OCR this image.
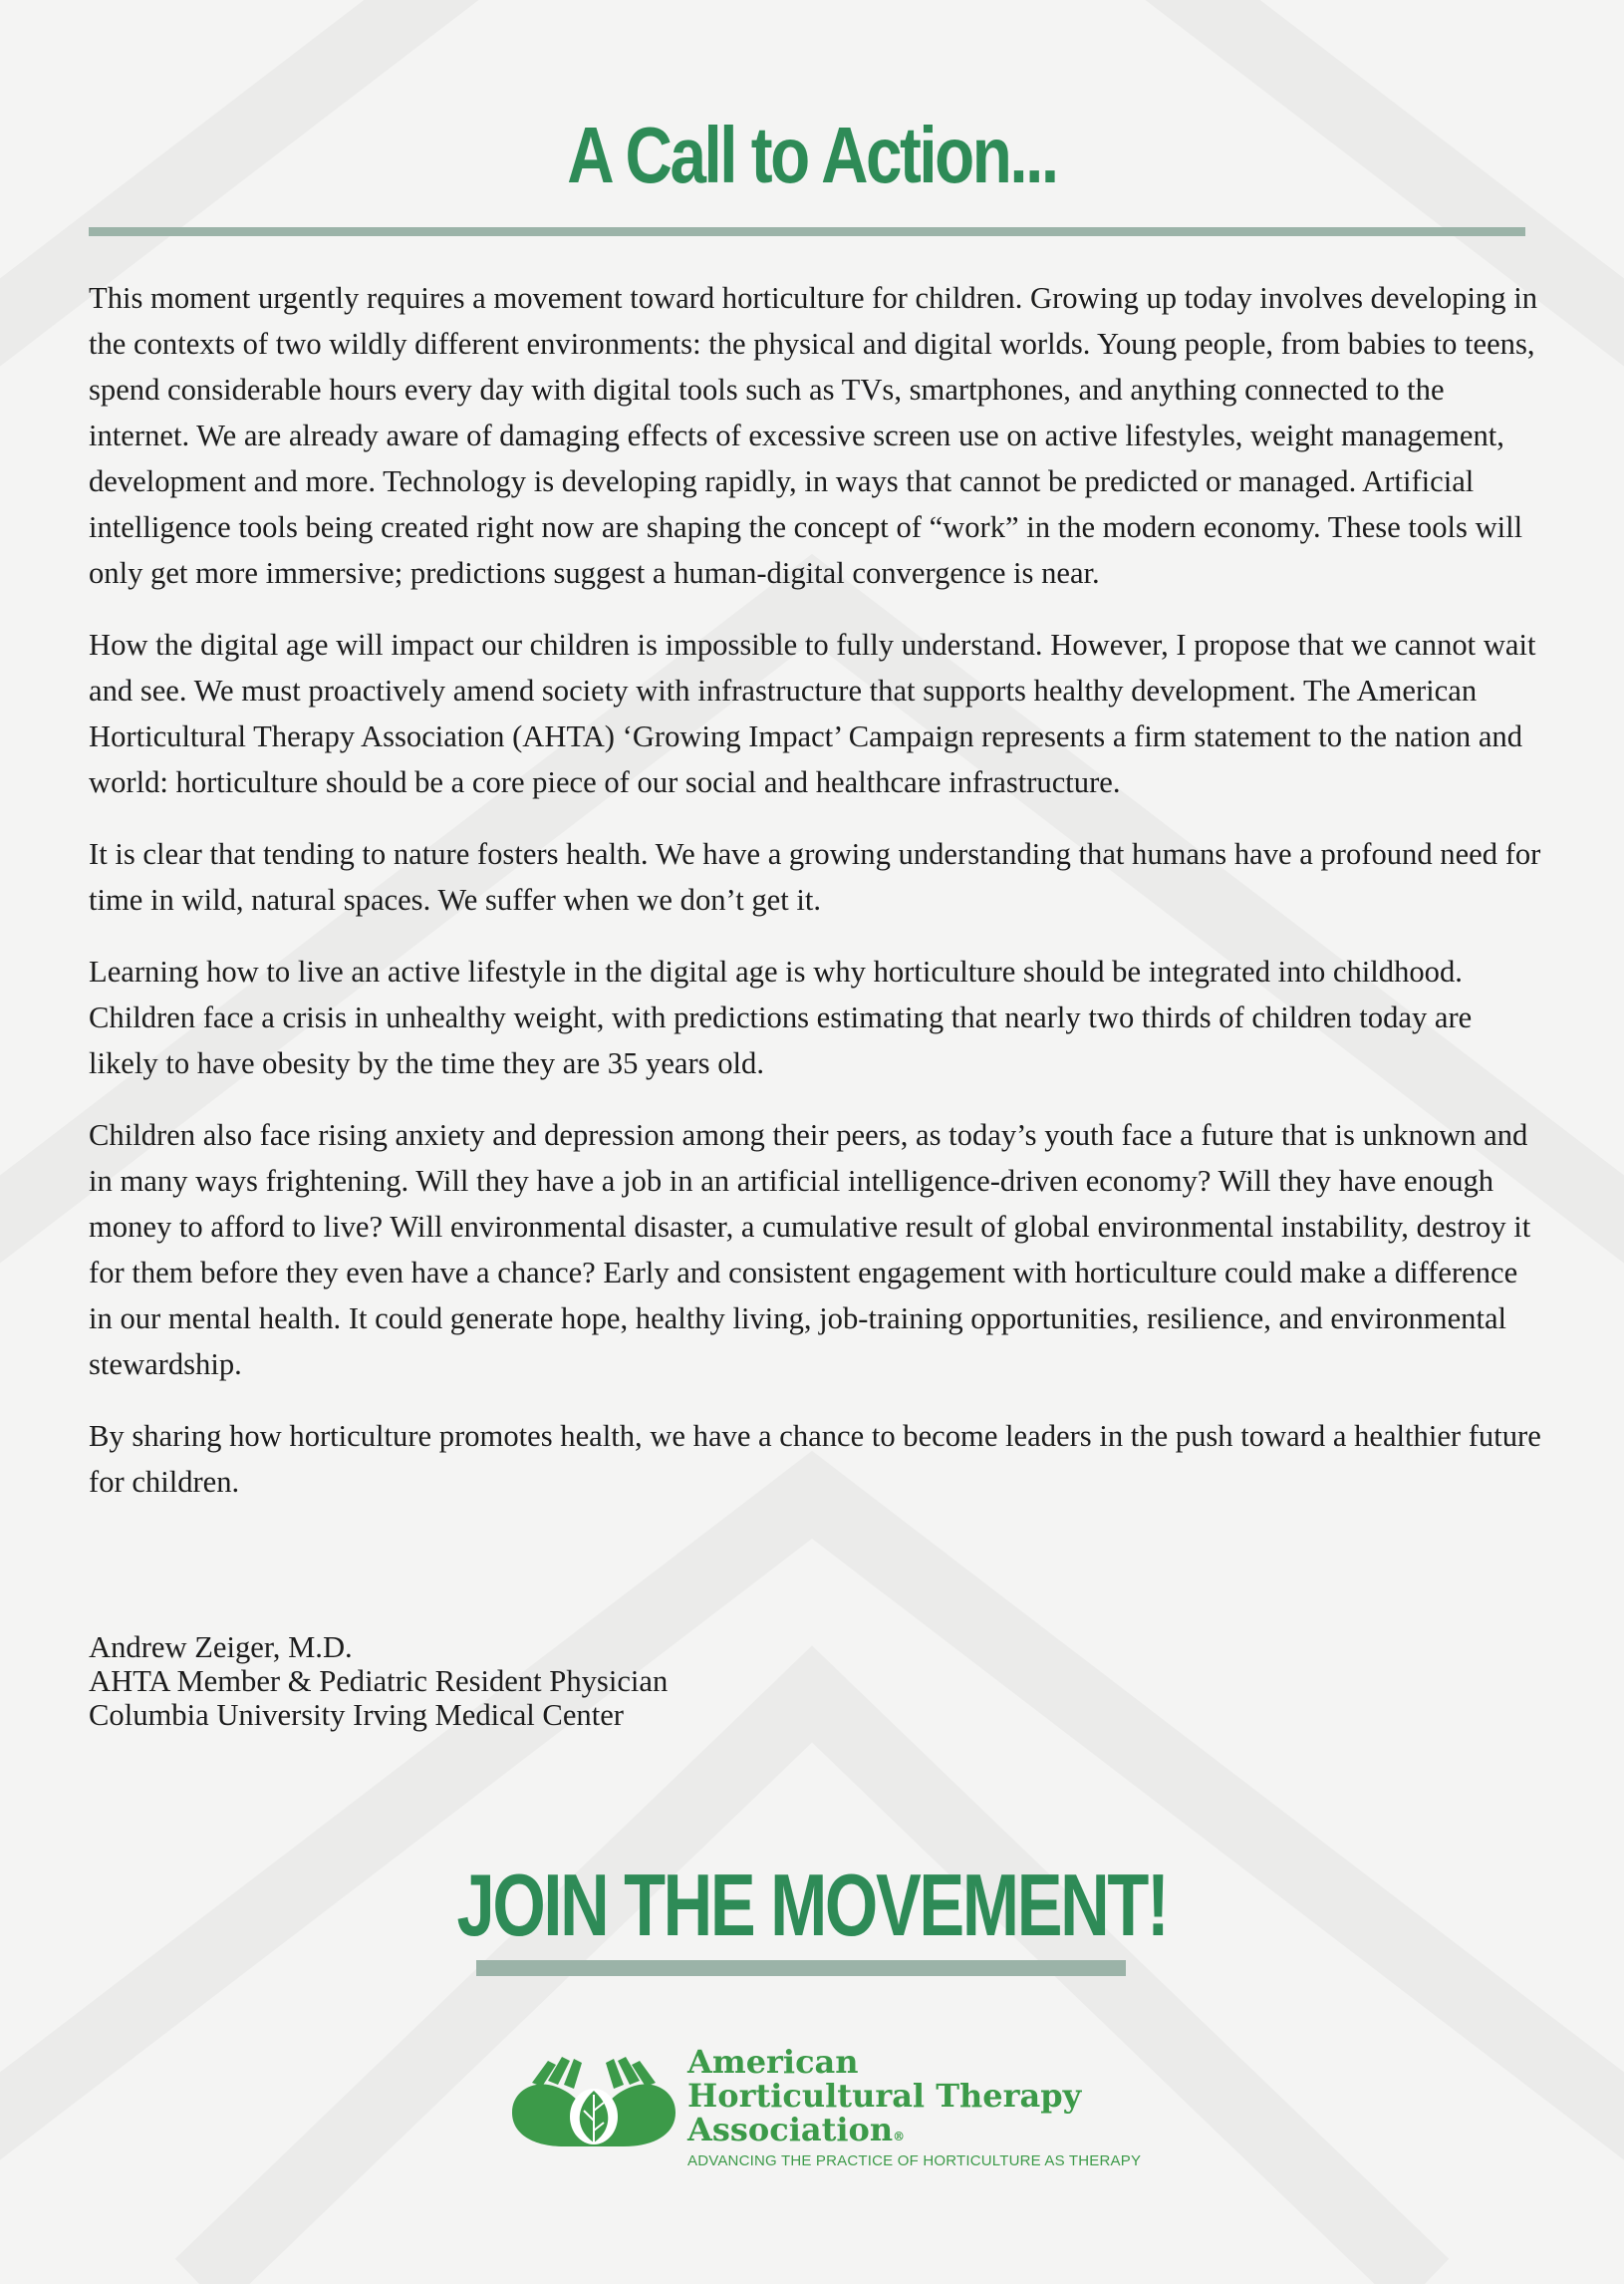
A Call to Action...

This moment urgently requires a movement toward horticulture for children. Growing up today involves developing in the contexts of two wildly different environments: the physical and digital worlds. Young people, from babies to teens, spend considerable hours every day with digital tools such as TVs, smartphones, and anything connected to the internet. We are already aware of damaging effects of excessive screen use on active lifestyles, weight management, development and more. Technology is developing rapidly, in ways that cannot be predicted or managed. Artificial intelligence tools being created right now are shaping the concept of “work” in the modern economy. These tools will only get more immersive; predictions suggest a human-digital convergence is near.

How the digital age will impact our children is impossible to fully understand. However, I propose that we cannot wait and see. We must proactively amend society with infrastructure that supports healthy development. The American Horticultural Therapy Association (AHTA) ‘Growing Impact’ Campaign represents a firm statement to the nation and world: horticulture should be a core piece of our social and healthcare infrastructure.

It is clear that tending to nature fosters health. We have a growing understanding that humans have a profound need for time in wild, natural spaces. We suffer when we don’t get it.

Learning how to live an active lifestyle in the digital age is why horticulture should be integrated into childhood. Children face a crisis in unhealthy weight, with predictions estimating that nearly two thirds of children today are likely to have obesity by the time they are 35 years old.

Children also face rising anxiety and depression among their peers, as today’s youth face a future that is unknown and in many ways frightening. Will they have a job in an artificial intelligence-driven economy? Will they have enough money to afford to live? Will environmental disaster, a cumulative result of global environmental instability, destroy it for them before they even have a chance? Early and consistent engagement with horticulture could make a difference in our mental health. It could generate hope, healthy living, job-training opportunities, resilience, and environmental stewardship.

By sharing how horticulture promotes health, we have a chance to become leaders in the push toward a healthier future for children.

Andrew Zeiger, M.D.
AHTA Member & Pediatric Resident Physician
Columbia University Irving Medical Center
JOIN THE MOVEMENT!
American
Horticultural Therapy
Association®
ADVANCING THE PRACTICE OF HORTICULTURE AS THERAPY
